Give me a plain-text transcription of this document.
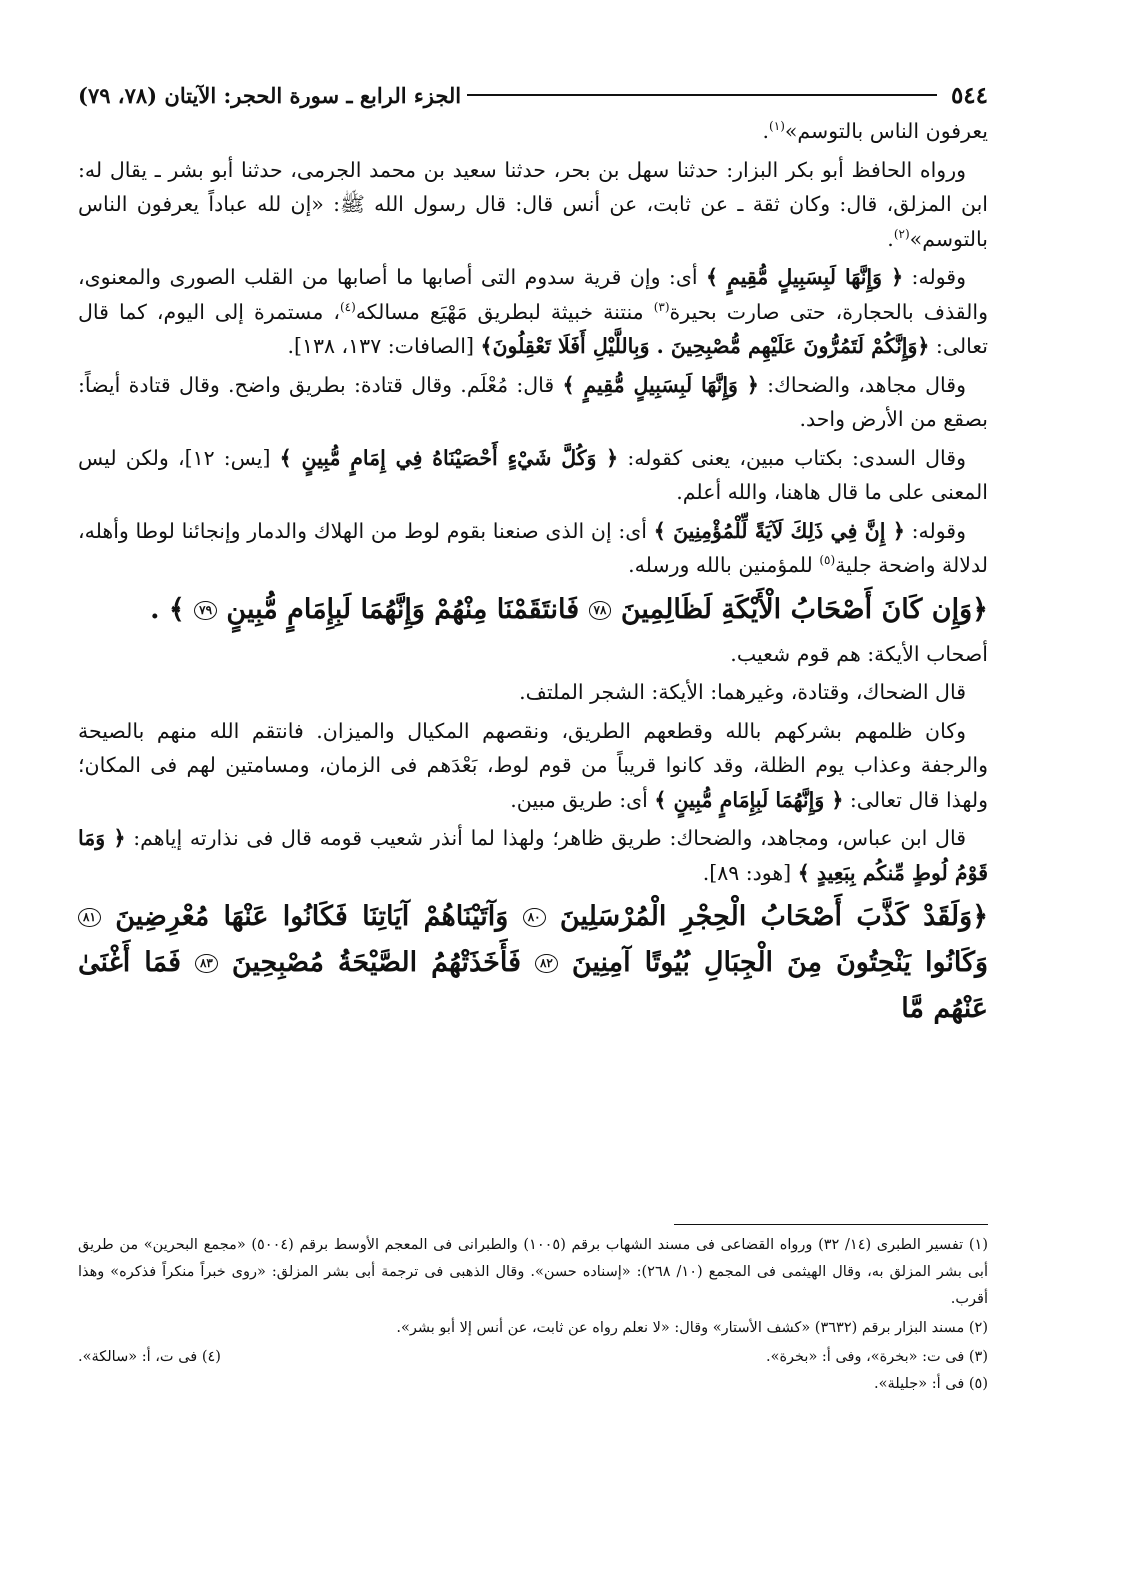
٥٤٤
الجزء الرابع ـ سورة الحجر: الآيتان (٧٨، ٧٩)

يعرفون الناس بالتوسم»$^{(١)}$.

ورواه الحافظ أبو بكر البزار: حدثنا سهل بن بحر، حدثنا سعيد بن محمد الجرمى، حدثنا أبو بشر ـ يقال له: ابن المزلق، قال: وكان ثقة ـ عن ثابت، عن أنس قال: قال رسول الله ﷺ: «إن لله عباداً يعرفون الناس بالتوسم»$^{(٢)}$.

وقوله: ﴿ وَإِنَّهَا لَبِسَبِيلٍ مُّقِيمٍ ﴾ أى: وإن قرية سدوم التى أصابها ما أصابها من القلب الصورى والمعنوى، والقذف بالحجارة، حتى صارت بحيرة$^{(٣)}$ منتنة خبيثة لبطريق مَهْيَع مسالكه$^{(٤)}$، مستمرة إلى اليوم، كما قال تعالى: ﴿وَإِنَّكُمْ لَتَمُرُّونَ عَلَيْهِم مُّصْبِحِينَ . وَبِاللَّيْلِ أَفَلَا تَعْقِلُونَ﴾ [الصافات: ١٣٧، ١٣٨].

وقال مجاهد، والضحاك: ﴿ وَإِنَّهَا لَبِسَبِيلٍ مُّقِيمٍ ﴾ قال: مُعْلَم. وقال قتادة: بطريق واضح. وقال قتادة أيضاً: بصقع من الأرض واحد.

وقال السدى: بكتاب مبين، يعنى كقوله: ﴿ وَكُلَّ شَيْءٍ أَحْصَيْنَاهُ فِي إِمَامٍ مُّبِينٍ ﴾ [يس: ١٢]، ولكن ليس المعنى على ما قال هاهنا، والله أعلم.

وقوله: ﴿ إِنَّ فِي ذَلِكَ لَآيَةً لِّلْمُؤْمِنِينَ ﴾ أى: إن الذى صنعنا بقوم لوط من الهلاك والدمار وإنجائنا لوطا وأهله، لدلالة واضحة جلية$^{(٥)}$ للمؤمنين بالله ورسله.

﴿وَإِن كَانَ أَصْحَابُ الْأَيْكَةِ لَظَالِمِينَ ٧٨ فَانتَقَمْنَا مِنْهُمْ وَإِنَّهُمَا لَبِإِمَامٍ مُّبِينٍ ٧٩ ﴾ .

أصحاب الأيكة: هم قوم شعيب.

قال الضحاك، وقتادة، وغيرهما: الأيكة: الشجر الملتف.

وكان ظلمهم بشركهم بالله وقطعهم الطريق، ونقصهم المكيال والميزان. فانتقم الله منهم بالصيحة والرجفة وعذاب يوم الظلة، وقد كانوا قريباً من قوم لوط، بَعْدَهم فى الزمان، ومسامتين لهم فى المكان؛ ولهذا قال تعالى: ﴿ وَإِنَّهُمَا لَبِإِمَامٍ مُّبِينٍ ﴾ أى: طريق مبين.

قال ابن عباس، ومجاهد، والضحاك: طريق ظاهر؛ ولهذا لما أنذر شعيب قومه قال فى نذارته إياهم: ﴿ وَمَا قَوْمُ لُوطٍ مِّنكُم بِبَعِيدٍ ﴾ [هود: ٨٩].

﴿وَلَقَدْ كَذَّبَ أَصْحَابُ الْحِجْرِ الْمُرْسَلِينَ ٨٠ وَآتَيْنَاهُمْ آيَاتِنَا فَكَانُوا عَنْهَا مُعْرِضِينَ ٨١ وَكَانُوا يَنْحِتُونَ مِنَ الْجِبَالِ بُيُوتًا آمِنِينَ ٨٢ فَأَخَذَتْهُمُ الصَّيْحَةُ مُصْبِحِينَ ٨٣ فَمَا أَغْنَىٰ عَنْهُم مَّا

(١) تفسير الطبرى (١٤/ ٣٢) ورواه القضاعى فى مسند الشهاب برقم (١٠٠٥) والطبرانى فى المعجم الأوسط برقم (٥٠٠٤) «مجمع البحرين» من طريق أبى بشر المزلق به، وقال الهيثمى فى المجمع (١٠/ ٢٦٨): «إسناده حسن». وقال الذهبى فى ترجمة أبى بشر المزلق: «روى خبراً منكراً فذكره» وهذا أقرب.

(٢) مسند البزار برقم (٣٦٣٢) «كشف الأستار» وقال: «لا نعلم رواه عن ثابت، عن أنس إلا أبو بشر».

(٣) فى ت: «بخرة»، وفى أ: «بخرة».
(٤) فى ت، أ: «سالكة».

(٥) فى أ: «جليلة».
